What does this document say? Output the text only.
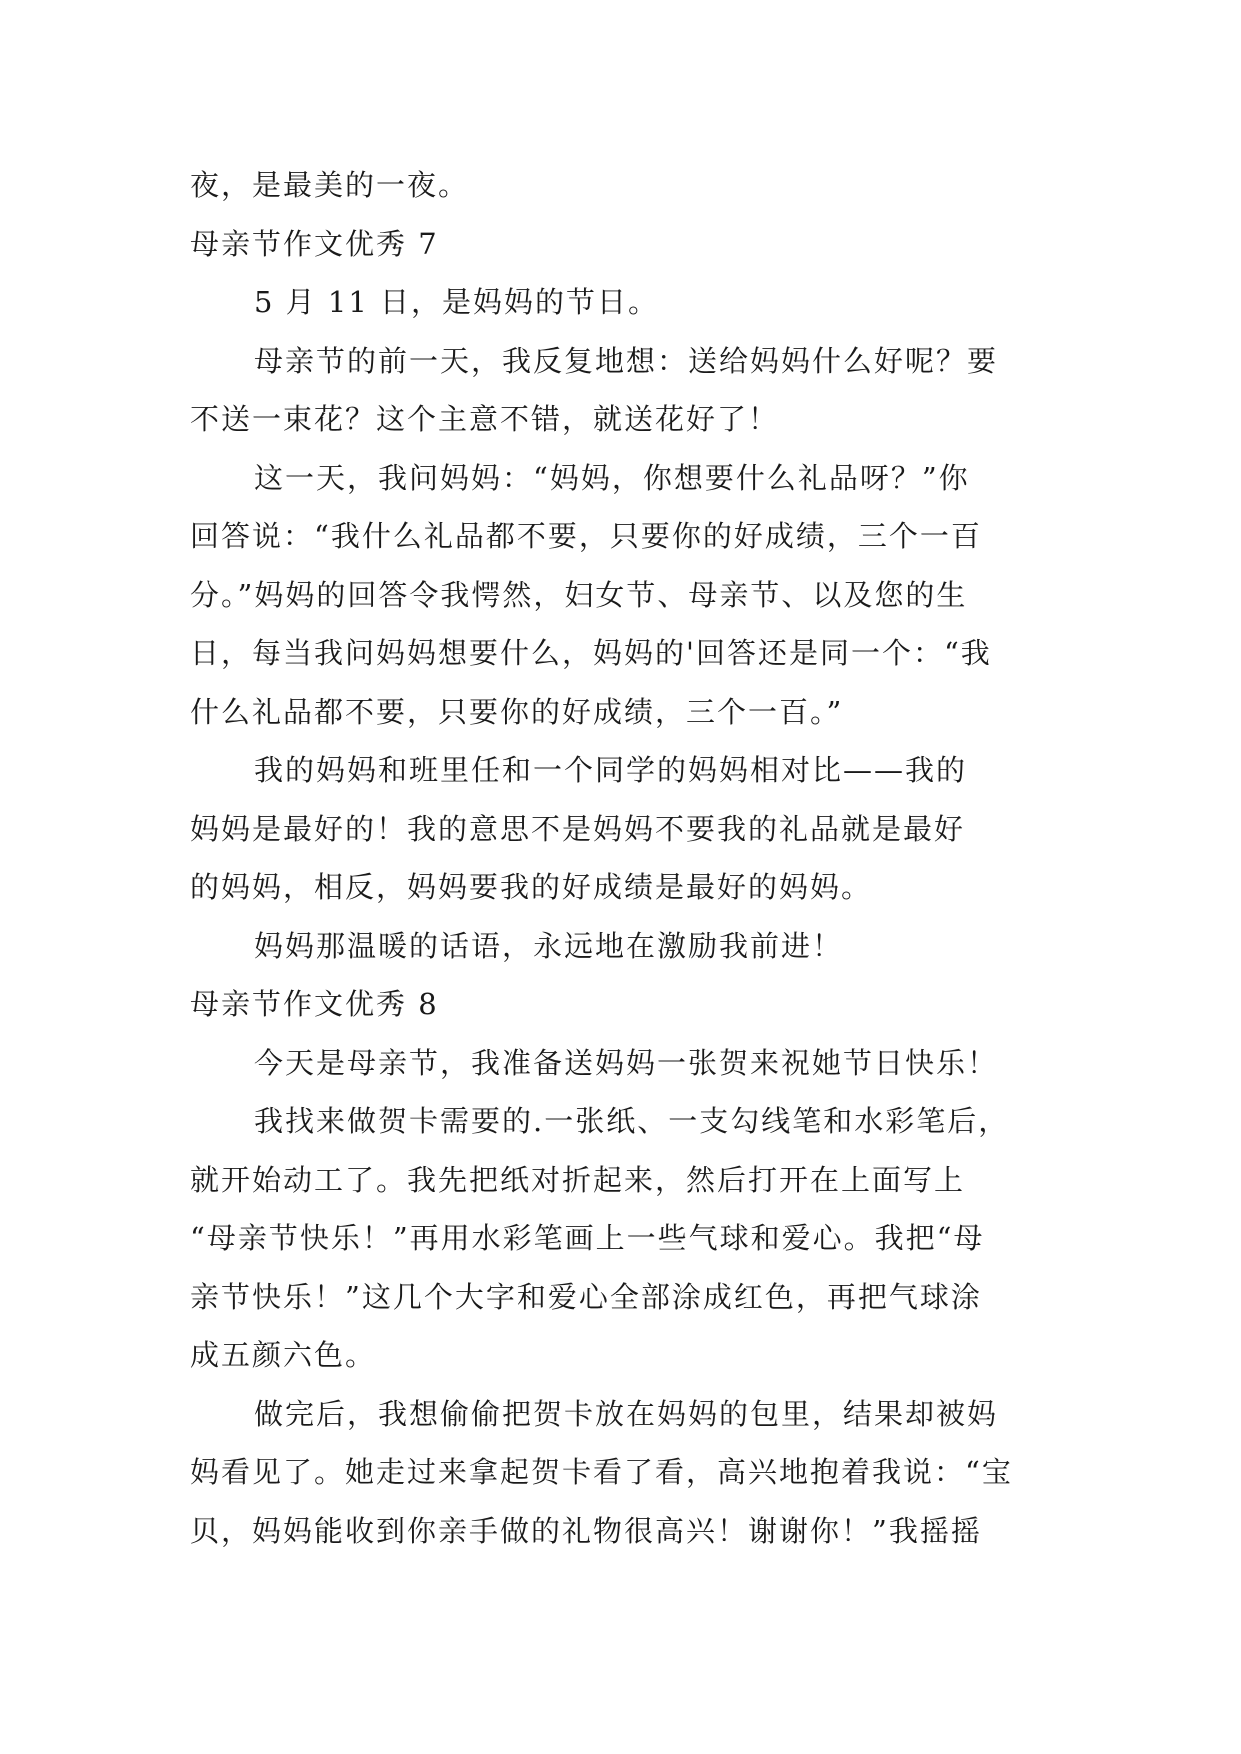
夜，是最美的一夜。
母亲节作文优秀 7
5 月 11 日，是妈妈的节日。
母亲节的前一天，我反复地想：送给妈妈什么好呢？要
不送一束花？这个主意不错，就送花好了！
这一天，我问妈妈：“妈妈，你想要什么礼品呀？”你
回答说：“我什么礼品都不要，只要你的好成绩，三个一百
分。”妈妈的回答令我愕然，妇女节、母亲节、以及您的生
日，每当我问妈妈想要什么，妈妈的'回答还是同一个：“我
什么礼品都不要，只要你的好成绩，三个一百。”
我的妈妈和班里任和一个同学的妈妈相对比——我的
妈妈是最好的！我的意思不是妈妈不要我的礼品就是最好
的妈妈，相反，妈妈要我的好成绩是最好的妈妈。
妈妈那温暖的话语，永远地在激励我前进！
母亲节作文优秀 8
今天是母亲节，我准备送妈妈一张贺来祝她节日快乐！
我找来做贺卡需要的.一张纸、一支勾线笔和水彩笔后，
就开始动工了。我先把纸对折起来，然后打开在上面写上
“母亲节快乐！”再用水彩笔画上一些气球和爱心。我把“母
亲节快乐！”这几个大字和爱心全部涂成红色，再把气球涂
成五颜六色。
做完后，我想偷偷把贺卡放在妈妈的包里，结果却被妈
妈看见了。她走过来拿起贺卡看了看，高兴地抱着我说：“宝
贝，妈妈能收到你亲手做的礼物很高兴！谢谢你！”我摇摇
